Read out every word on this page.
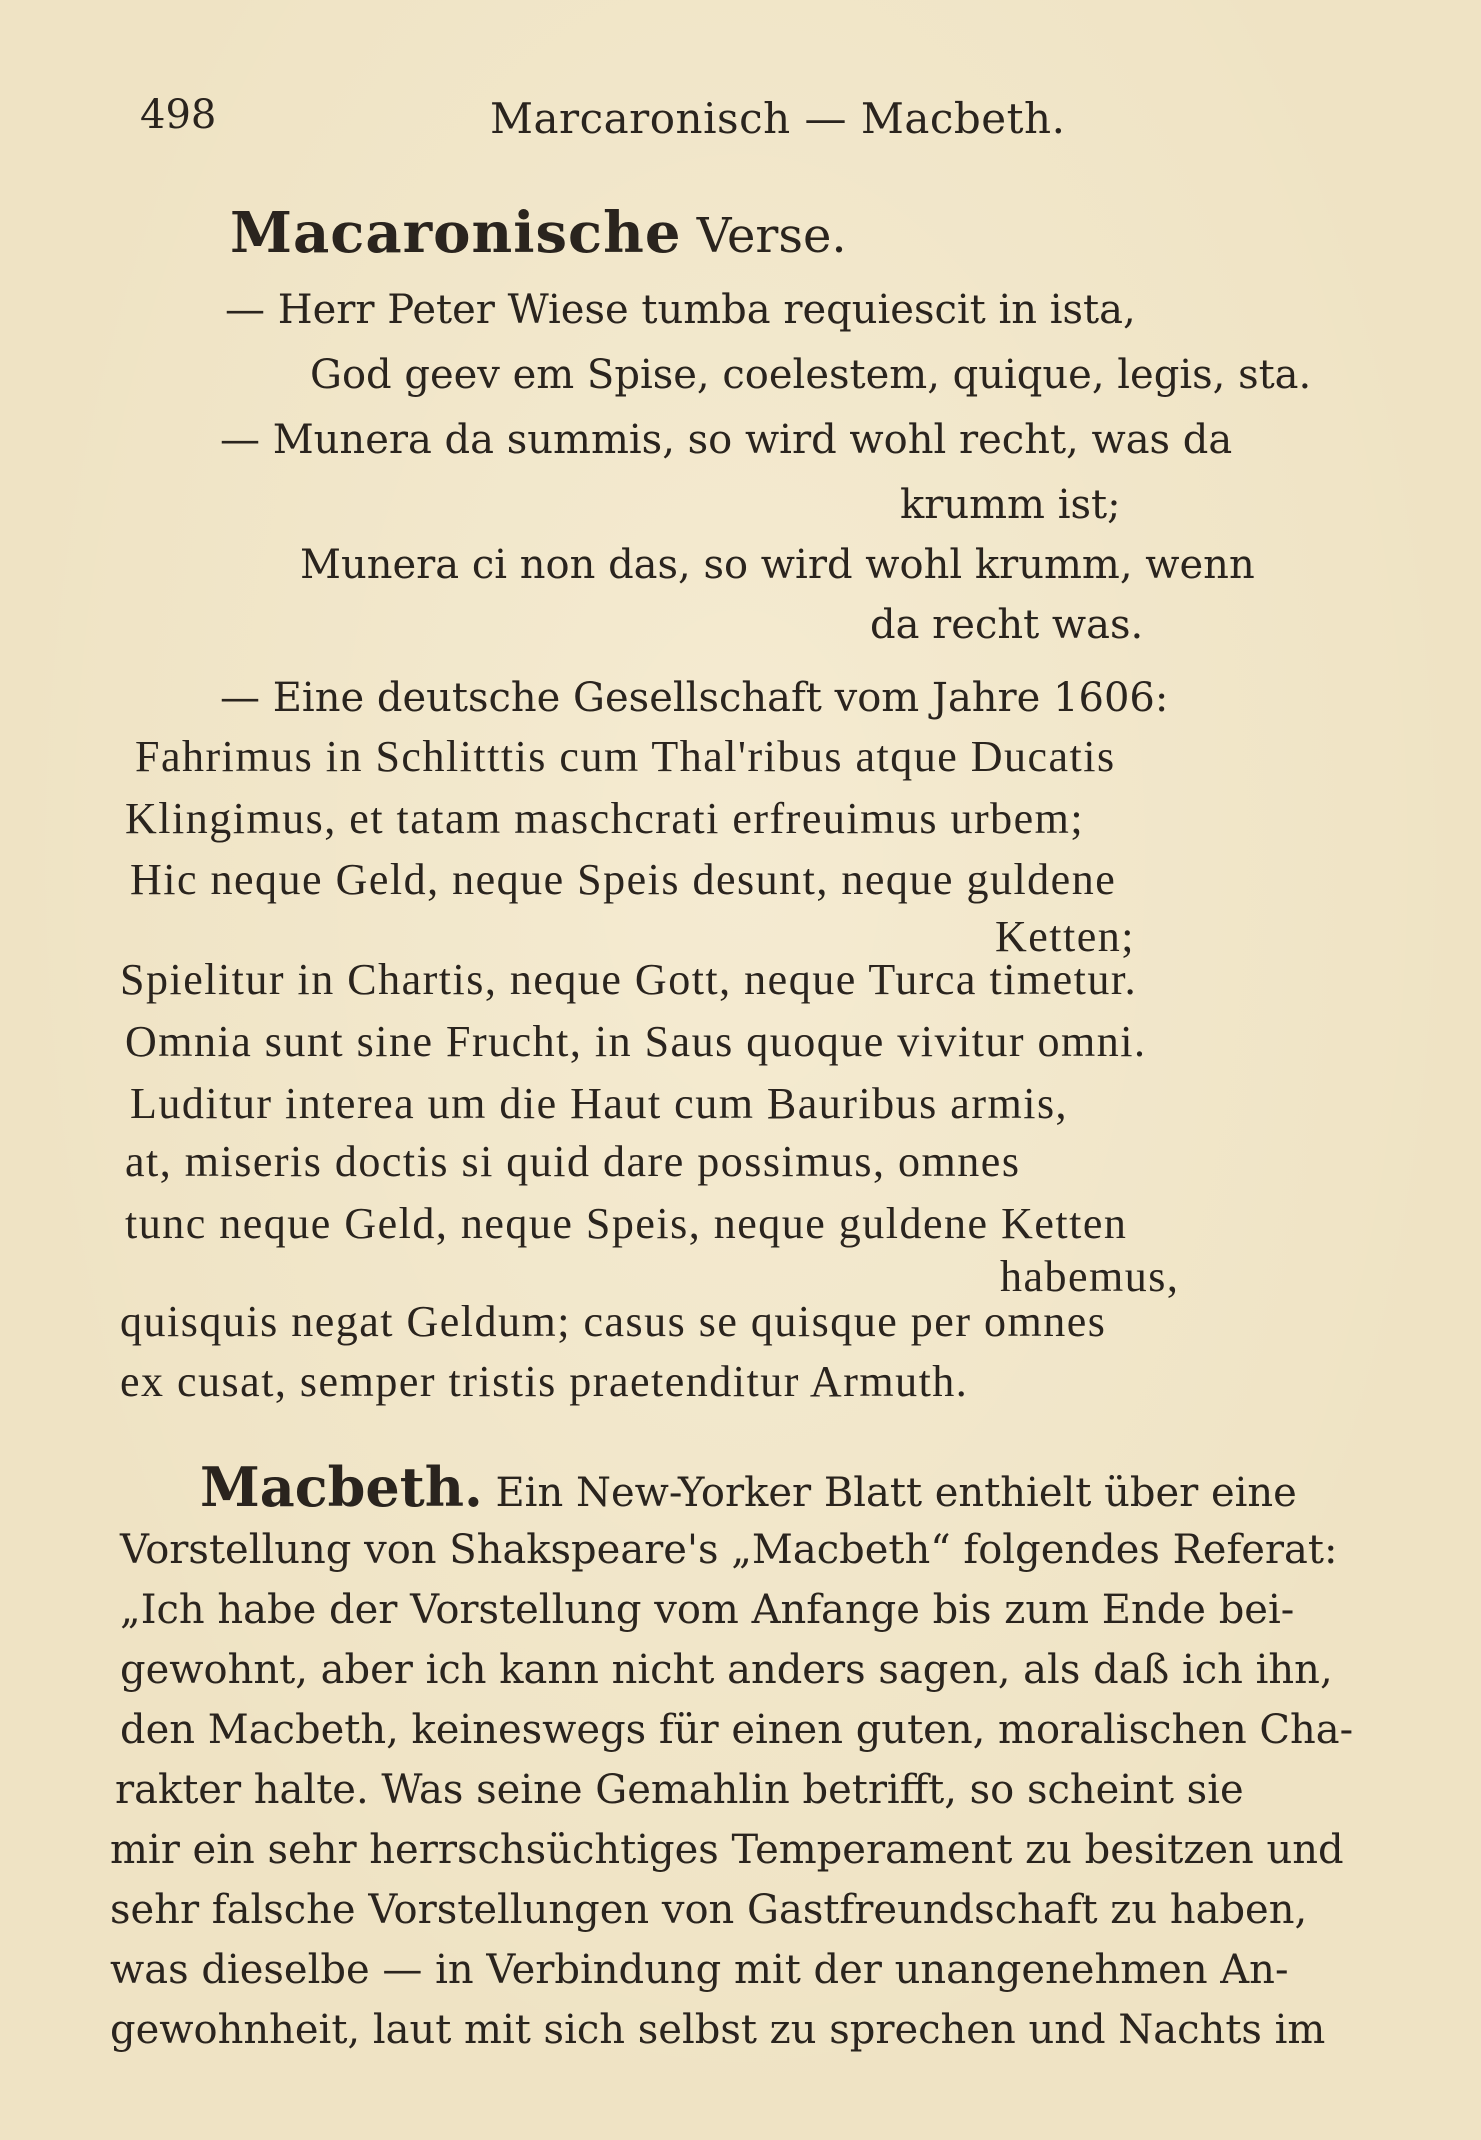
498	Marcaronisch — Macbeth.
Macaronische Verse.
— Herr Peter Wiese tumba requiescit in ista,
God geev em Spise, coelestem, quique, legis, sta.
— Munera da summis, so wird wohl recht, was da
krumm ist;
Munera ci non das, so wird wohl krumm, wenn
da recht was.
— Eine deutsche Gesellschaft vom Jahre 1606:
Fahrimus in Schlitttis cum Thal'ribus atque Ducatis
Klingimus, et tatam maschcrati erfreuimus urbem;
Hic neque Geld, neque Speis desunt, neque guldene
Ketten;
Spielitur in Chartis, neque Gott, neque Turca timetur.
Omnia sunt sine Frucht, in Saus quoque vivitur omni.
Luditur interea um die Haut cum Bauribus armis,
at, miseris doctis si quid dare possimus, omnes
tunc neque Geld, neque Speis, neque guldene Ketten
habemus,
quisquis negat Geldum; casus se quisque per omnes
ex cusat, semper tristis praetenditur Armuth.
Macbeth. Ein New-Yorker Blatt enthielt über eine
Vorstellung von Shakspeare's „Macbeth“ folgendes Referat:
„Ich habe der Vorstellung vom Anfange bis zum Ende bei-
gewohnt, aber ich kann nicht anders sagen, als daß ich ihn,
den Macbeth, keineswegs für einen guten, moralischen Cha-
rakter halte. Was seine Gemahlin betrifft, so scheint sie
mir ein sehr herrschsüchtiges Temperament zu besitzen und
sehr falsche Vorstellungen von Gastfreundschaft zu haben,
was dieselbe — in Verbindung mit der unangenehmen An-
gewohnheit, laut mit sich selbst zu sprechen und Nachts im
